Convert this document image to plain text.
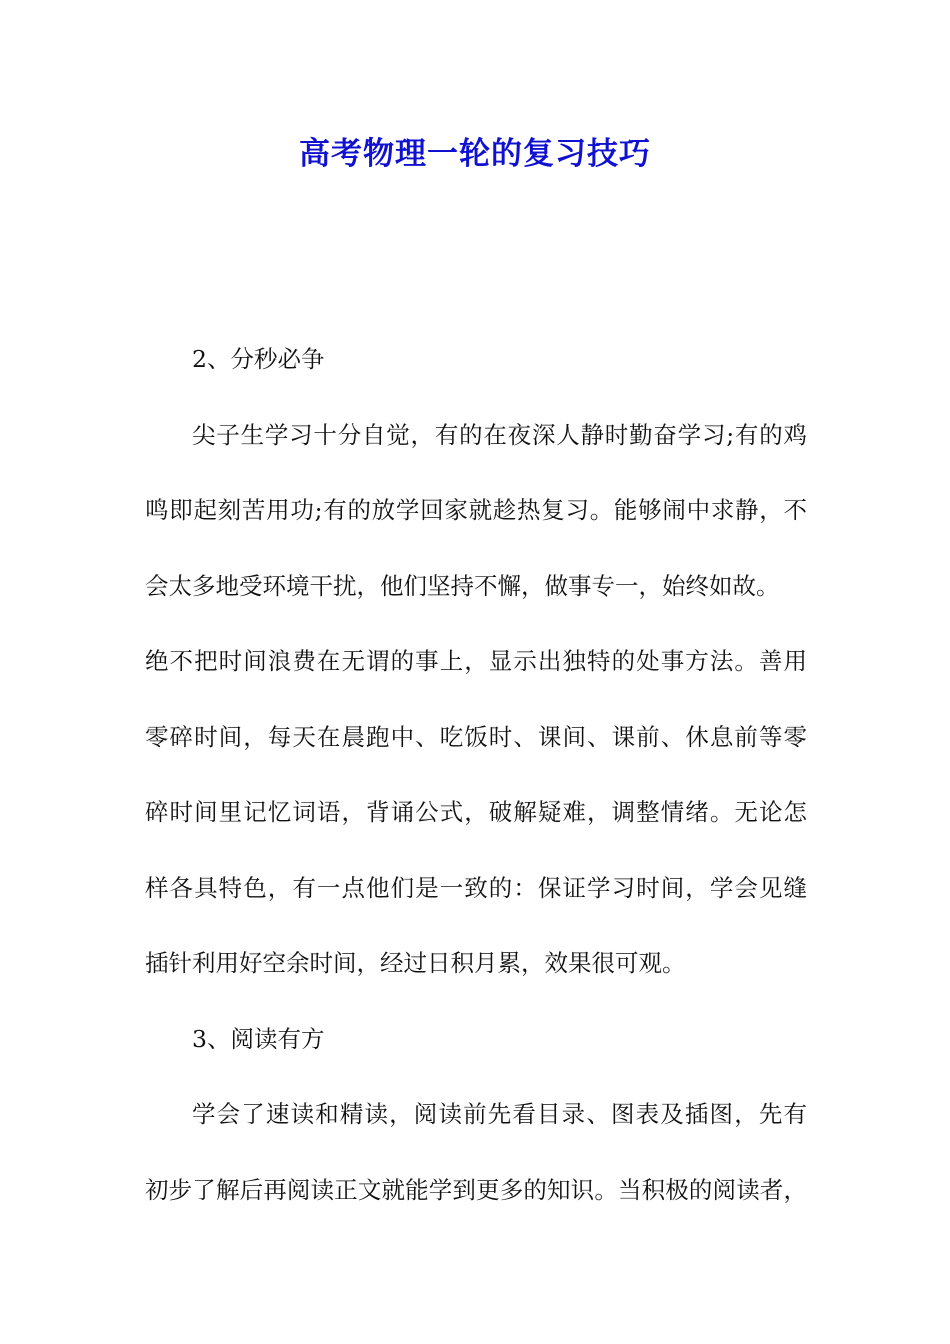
高考物理一轮的复习技巧
2、分秒必争
尖子生学习十分自觉，有的在夜深人静时勤奋学习;有的鸡
鸣即起刻苦用功;有的放学回家就趁热复习。能够闹中求静，不
会太多地受环境干扰，他们坚持不懈，做事专一，始终如故。
绝不把时间浪费在无谓的事上，显示出独特的处事方法。善用
零碎时间，每天在晨跑中、吃饭时、课间、课前、休息前等零
碎时间里记忆词语，背诵公式，破解疑难，调整情绪。无论怎
样各具特色，有一点他们是一致的：保证学习时间，学会见缝
插针利用好空余时间，经过日积月累，效果很可观。
3、阅读有方
学会了速读和精读，阅读前先看目录、图表及插图，先有
初步了解后再阅读正文就能学到更多的知识。当积极的阅读者，
